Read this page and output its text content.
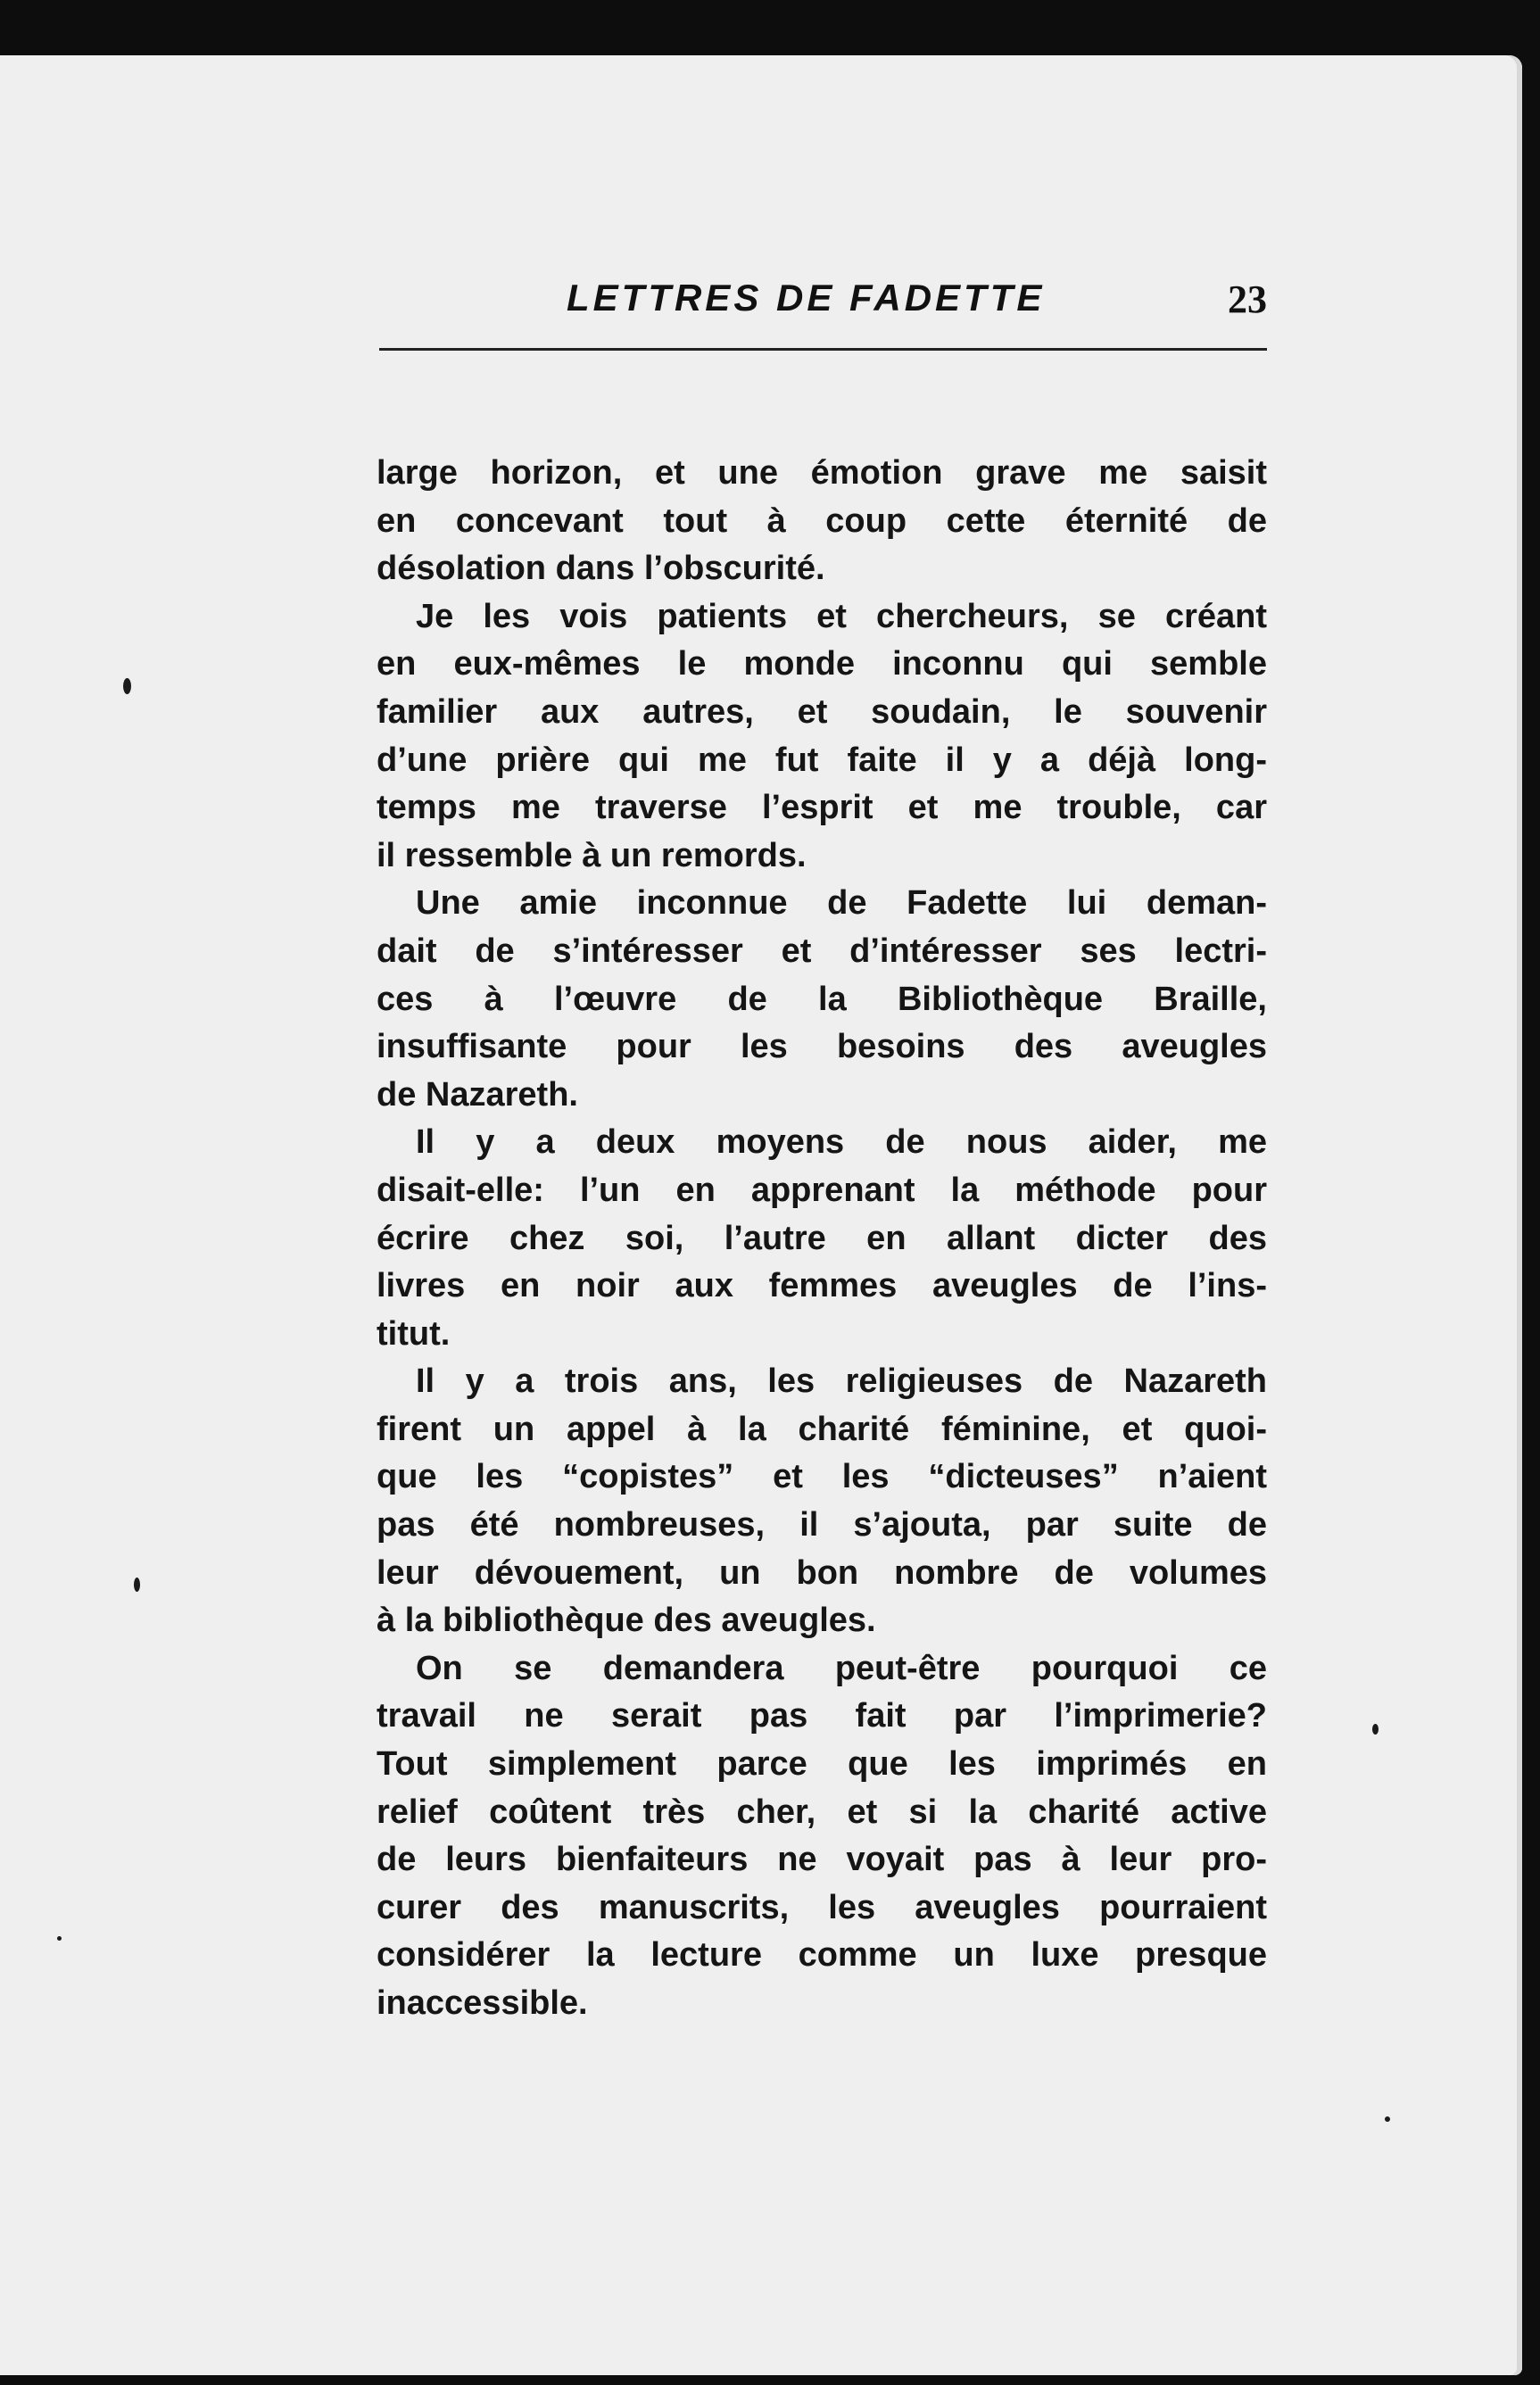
LETTRES DE FADETTE	23
large horizon, et une émotion grave me saisit
en concevant tout à coup cette éternité de
désolation dans l’obscurité.
Je les vois patients et chercheurs, se créant
en eux-mêmes le monde inconnu qui semble
familier aux autres, et soudain, le souvenir
d’une prière qui me fut faite il y a déjà long-
temps me traverse l’esprit et me trouble, car
il ressemble à un remords.
Une amie inconnue de Fadette lui deman-
dait de s’intéresser et d’intéresser ses lectri-
ces à l’œuvre de la Bibliothèque Braille,
insuffisante pour les besoins des aveugles
de Nazareth.
Il y a deux moyens de nous aider, me
disait-elle: l’un en apprenant la méthode pour
écrire chez soi, l’autre en allant dicter des
livres en noir aux femmes aveugles de l’ins-
titut.
Il y a trois ans, les religieuses de Nazareth
firent un appel à la charité féminine, et quoi-
que les “copistes” et les “dicteuses” n’aient
pas été nombreuses, il s’ajouta, par suite de
leur dévouement, un bon nombre de volumes
à la bibliothèque des aveugles.
On se demandera peut-être pourquoi ce
travail ne serait pas fait par l’imprimerie?
Tout simplement parce que les imprimés en
relief coûtent très cher, et si la charité active
de leurs bienfaiteurs ne voyait pas à leur pro-
curer des manuscrits, les aveugles pourraient
considérer la lecture comme un luxe presque
inaccessible.
